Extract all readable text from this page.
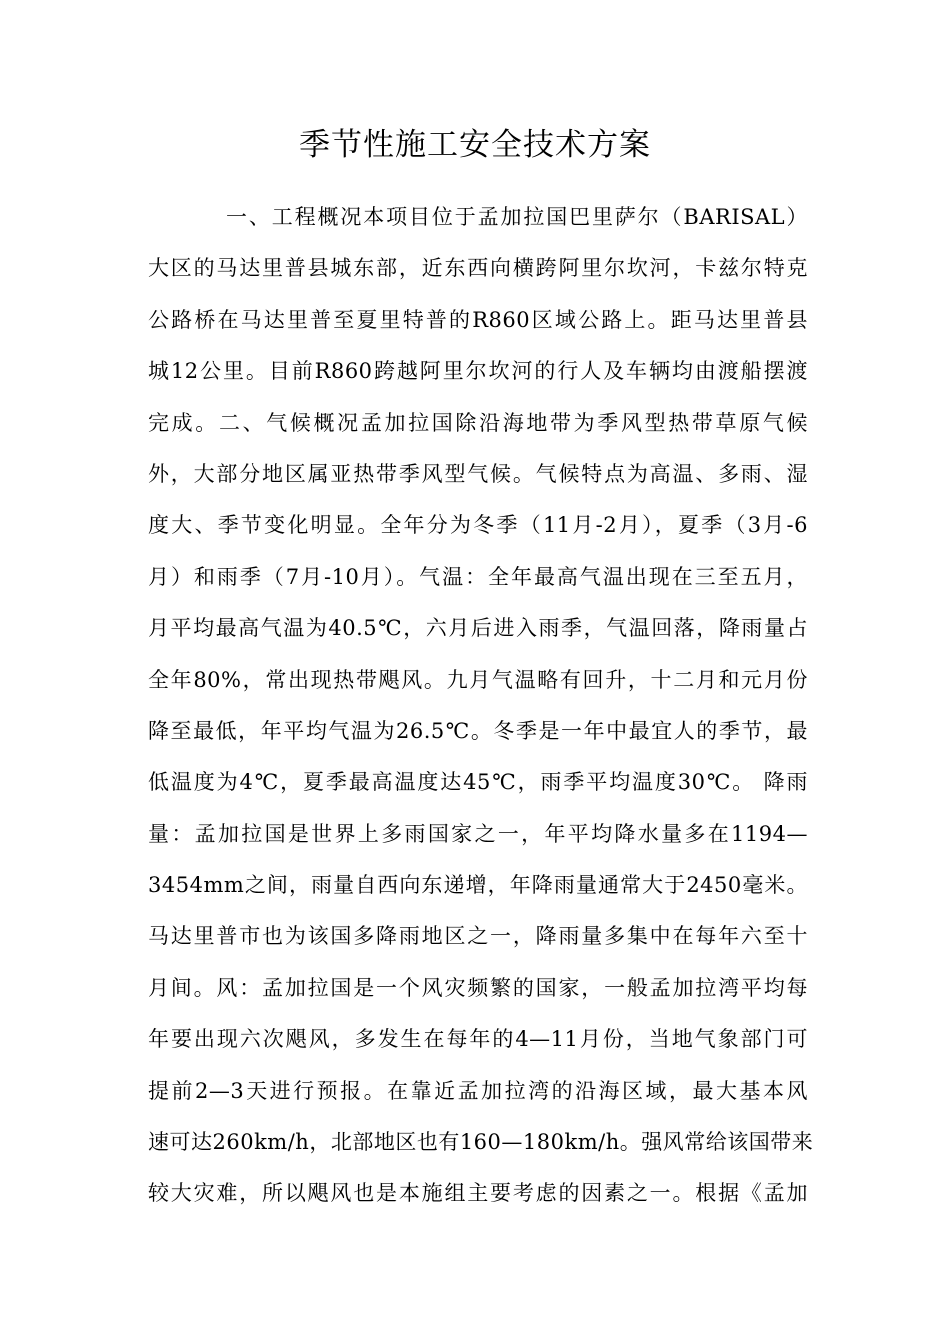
季节性施工安全技术方案
一、工程概况本项目位于孟加拉国巴里萨尔（BARISAL）
大区的马达里普县城东部，近东西向横跨阿里尔坎河，卡兹尔特克
公路桥在马达里普至夏里特普的R860区域公路上。距马达里普县
城12公里。目前R860跨越阿里尔坎河的行人及车辆均由渡船摆渡
完成。二、气候概况孟加拉国除沿海地带为季风型热带草原气候
外，大部分地区属亚热带季风型气候。气候特点为高温、多雨、湿
度大、季节变化明显。全年分为冬季（11月-2月），夏季（3月-6
月）和雨季（7月-10月）。气温：全年最高气温出现在三至五月，
月平均最高气温为40.5℃，六月后进入雨季，气温回落，降雨量占
全年80%，常出现热带飓风。九月气温略有回升，十二月和元月份
降至最低，年平均气温为26.5℃。冬季是一年中最宜人的季节，最
低温度为4℃，夏季最高温度达45℃，雨季平均温度30℃。 降雨
量：孟加拉国是世界上多雨国家之一，年平均降水量多在1194—
3454mm之间，雨量自西向东递增，年降雨量通常大于2450毫米。
马达里普市也为该国多降雨地区之一，降雨量多集中在每年六至十
月间。风：孟加拉国是一个风灾频繁的国家，一般孟加拉湾平均每
年要出现六次飓风，多发生在每年的4—11月份，当地气象部门可
提前2—3天进行预报。在靠近孟加拉湾的沿海区域，最大基本风
速可达260km/h，北部地区也有160—180km/h。强风常给该国带来
较大灾难，所以飓风也是本施组主要考虑的因素之一。根据《孟加
